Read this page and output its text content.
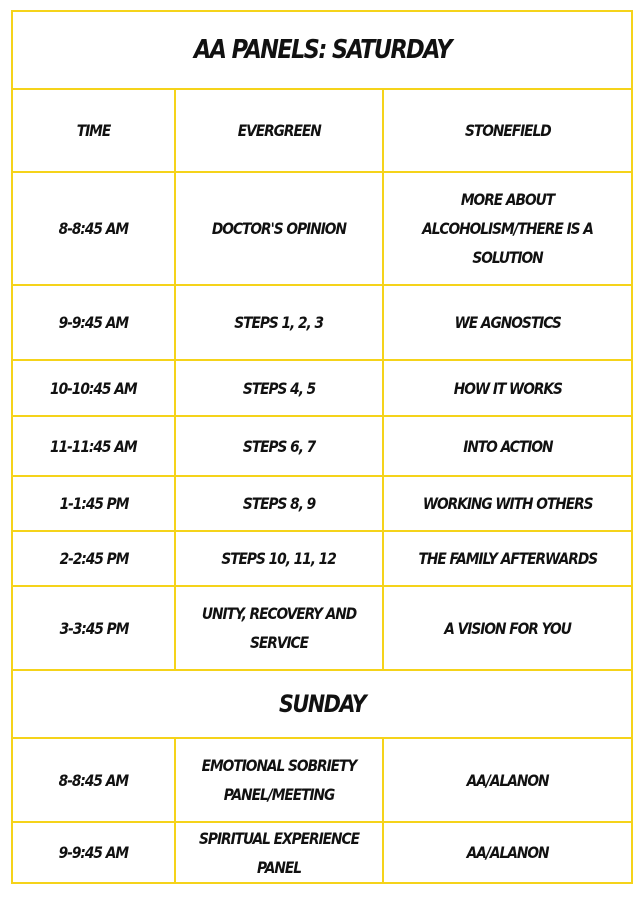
AA PANELS: SATURDAY		
TIME	EVERGREEN	STONEFIELD
8-8:45 AM	DOCTOR'S OPINION	MORE ABOUT ALCOHOLISM/THERE IS A SOLUTION
9-9:45 AM	STEPS 1, 2, 3	WE AGNOSTICS
10-10:45 AM	STEPS 4, 5	HOW IT WORKS
11-11:45 AM	STEPS 6, 7	INTO ACTION
1-1:45 PM	STEPS 8, 9	WORKING WITH OTHERS
2-2:45 PM	STEPS 10, 11, 12	THE FAMILY AFTERWARDS
3-3:45 PM	UNITY, RECOVERY AND SERVICE	A VISION FOR YOU
SUNDAY		
8-8:45 AM	EMOTIONAL SOBRIETY PANEL/MEETING	AA/ALANON
9-9:45 AM	SPIRITUAL EXPERIENCE PANEL	AA/ALANON
